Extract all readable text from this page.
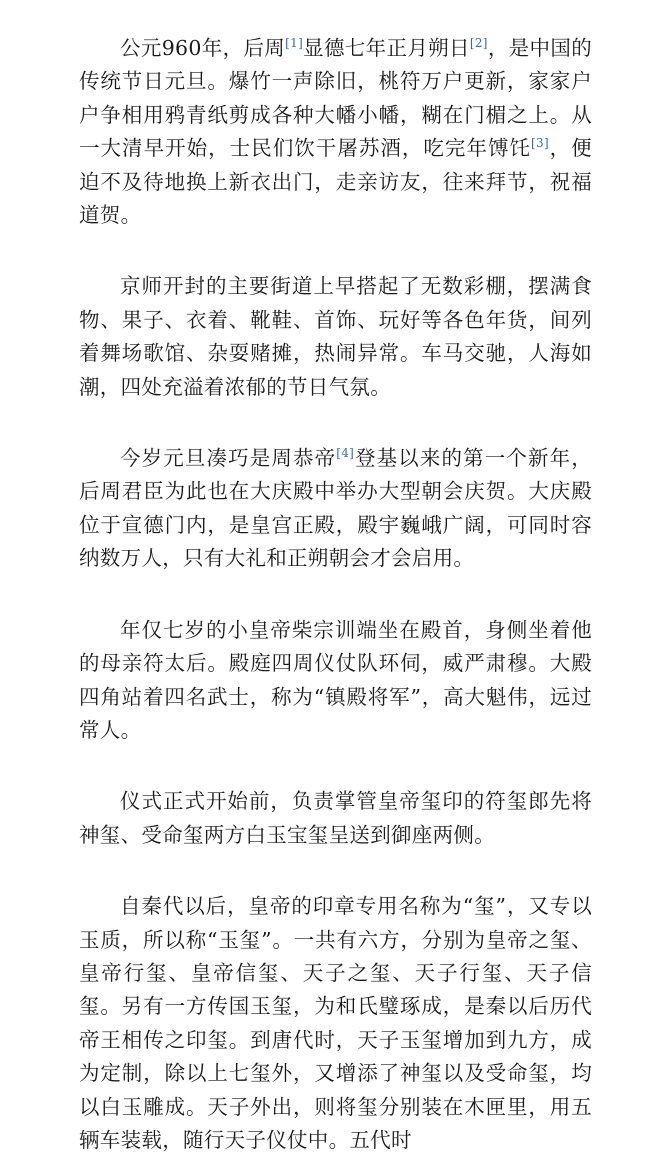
公元960年，后周[1]显德七年正月朔日[2]，是中国的传统节日元旦。爆竹一声除旧，桃符万户更新，家家户户争相用鸦青纸剪成各种大幡小幡，糊在门楣之上。从一大清早开始，士民们饮干屠苏酒，吃完年馎饦[3]，便迫不及待地换上新衣出门，走亲访友，往来拜节，祝福道贺。

京师开封的主要街道上早搭起了无数彩棚，摆满食物、果子、衣着、靴鞋、首饰、玩好等各色年货，间列着舞场歌馆、杂耍赌摊，热闹异常。车马交驰，人海如潮，四处充溢着浓郁的节日气氛。

今岁元旦凑巧是周恭帝[4]登基以来的第一个新年，后周君臣为此也在大庆殿中举办大型朝会庆贺。大庆殿位于宣德门内，是皇宫正殿，殿宇巍峨广阔，可同时容纳数万人，只有大礼和正朔朝会才会启用。

年仅七岁的小皇帝柴宗训端坐在殿首，身侧坐着他的母亲符太后。殿庭四周仪仗队环伺，威严肃穆。大殿四角站着四名武士，称为“镇殿将军”，高大魁伟，远过常人。

仪式正式开始前，负责掌管皇帝玺印的符玺郎先将神玺、受命玺两方白玉宝玺呈送到御座两侧。

自秦代以后，皇帝的印章专用名称为“玺”，又专以玉质，所以称“玉玺”。一共有六方，分别为皇帝之玺、皇帝行玺、皇帝信玺、天子之玺、天子行玺、天子信玺。另有一方传国玉玺，为和氏璧琢成，是秦以后历代帝王相传之印玺。到唐代时，天子玉玺增加到九方，成为定制，除以上七玺外，又增添了神玺以及受命玺，均以白玉雕成。天子外出，则将玺分别装在木匣里，用五辆车装载，随行天子仪仗中。五代时
